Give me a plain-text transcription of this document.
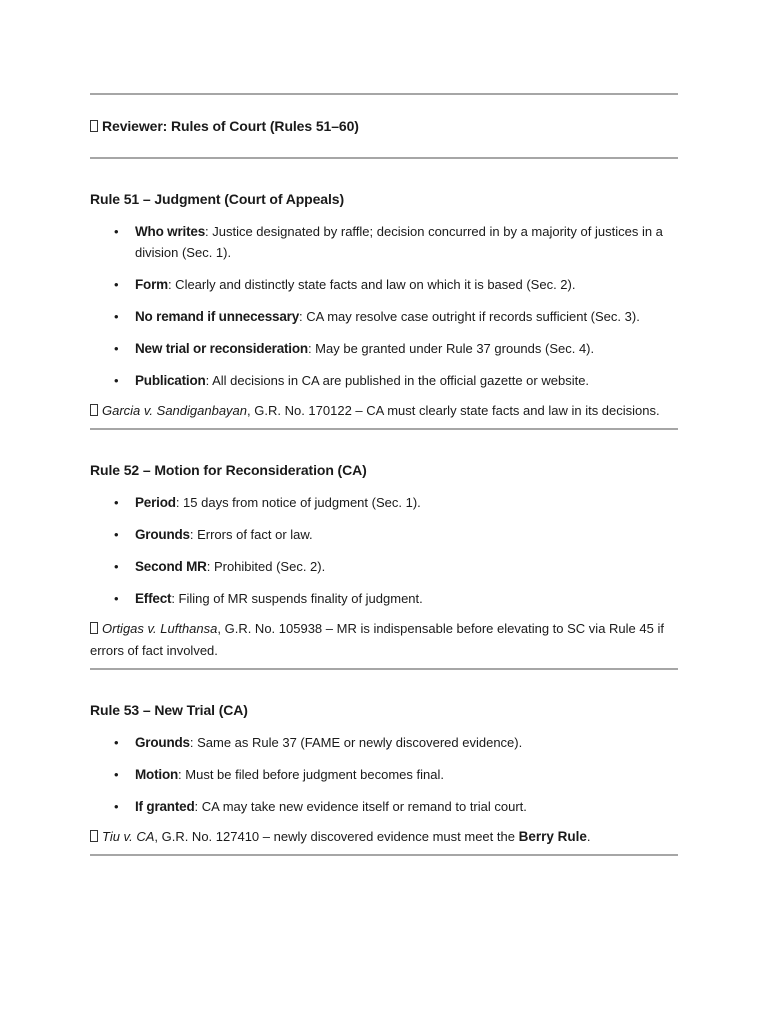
Reviewer: Rules of Court (Rules 51–60)
Rule 51 – Judgment (Court of Appeals)
• Who writes: Justice designated by raffle; decision concurred in by a majority of justices in a division (Sec. 1).
• Form: Clearly and distinctly state facts and law on which it is based (Sec. 2).
• No remand if unnecessary: CA may resolve case outright if records sufficient (Sec. 3).
• New trial or reconsideration: May be granted under Rule 37 grounds (Sec. 4).
• Publication: All decisions in CA are published in the official gazette or website.
Garcia v. Sandiganbayan, G.R. No. 170122 – CA must clearly state facts and law in its decisions.
Rule 52 – Motion for Reconsideration (CA)
• Period: 15 days from notice of judgment (Sec. 1).
• Grounds: Errors of fact or law.
• Second MR: Prohibited (Sec. 2).
• Effect: Filing of MR suspends finality of judgment.
Ortigas v. Lufthansa, G.R. No. 105938 – MR is indispensable before elevating to SC via Rule 45 if errors of fact involved.
Rule 53 – New Trial (CA)
• Grounds: Same as Rule 37 (FAME or newly discovered evidence).
• Motion: Must be filed before judgment becomes final.
• If granted: CA may take new evidence itself or remand to trial court.
Tiu v. CA, G.R. No. 127410 – newly discovered evidence must meet the Berry Rule.
